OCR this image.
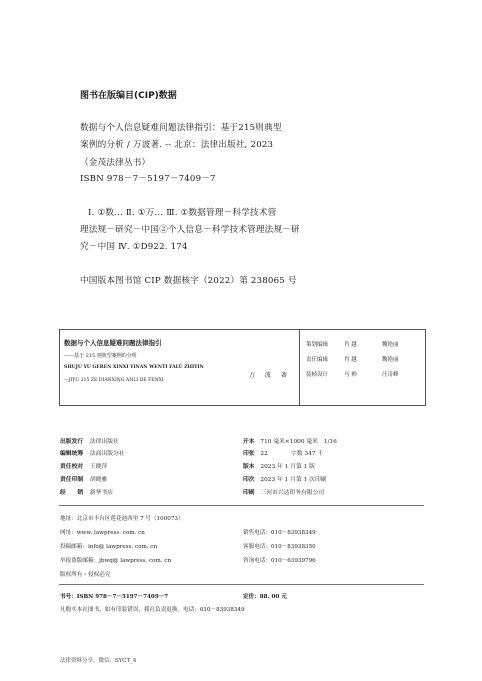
图书在版编目(CIP)数据
数据与个人信息疑难问题法律指引：基于215则典型
案例的分析 / 万波著. -- 北京：法律出版社, 2023
（金茂法律丛书）
ISBN 978－7－5197－7409－7
Ⅰ. ①数… Ⅱ. ①万… Ⅲ. ①数据管理－科学技术管
理法规－研究－中国②个人信息－科学技术管理法规－研
究－中国 Ⅳ. ①D922. 174
中国版本图书馆 CIP 数据核字（2022）第 238065 号
数据与个人信息疑难问题法律指引
——基于 215 则典型案例的分析
SHUJU YU GEREN XINXI YINAN WENTI FALÜ ZHIYIN
—JIYU 215 ZE DIANXING ANLI DE FENXI
万 波 著
策划编辑	肖 越	魏艳丽
责任编辑	肖 越	魏艳丽
装帧设计	马 帅	汪奇峰
出版发行 法律出版社
编辑统筹 法商出版分社
责任校对 王晓萍
责任印制 胡晓雅
经　　销 新华书店
开本　 710 毫米×1000 毫米　1/16
印张　 22　　　　字数 347 千
版本　 2023 年 1 月第 1 版
印次　 2023 年 1 月第 1 次印刷
印刷　 三河市兴达印务有限公司
地址：北京市丰台区莲花池西里 7 号（100073）
网址：www. lawpress. com. cn	销售电话：010－83938349
投稿邮箱：info@ lawpress. com. cn	客服电话：010－83938350
举报盗版邮箱：jbwq@ lawpress. com. cn	咨询电话：010－63939796
版权所有・侵权必究
书号：ISBN 978－7－5197－7409－7	定价：88. 00 元
凡购买本社图书，如有印装错误，我社负责退换。电话：010－83938349
法律资料分享，微信：SYCT_4
